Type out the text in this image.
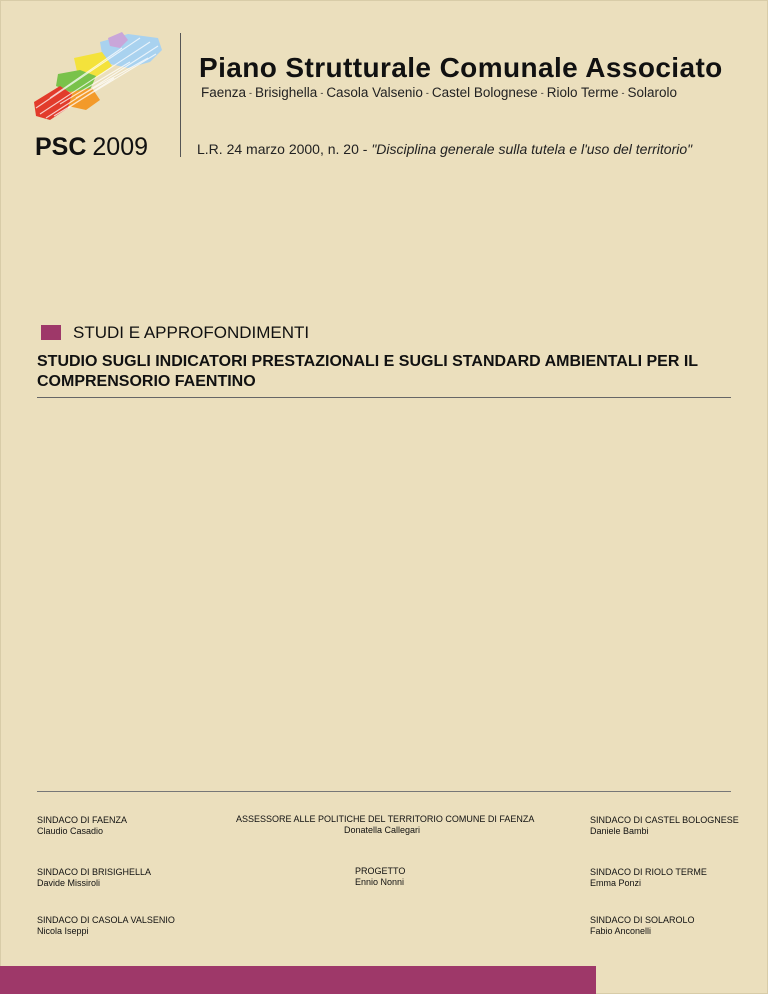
PSC 2009
Piano Strutturale Comunale Associato
Faenza - Brisighella - Casola Valsenio - Castel Bolognese - Riolo Terme - Solarolo
L.R. 24 marzo 2000, n. 20 - "Disciplina generale sulla tutela e l'uso del territorio"
STUDI E APPROFONDIMENTI
STUDIO SUGLI INDICATORI PRESTAZIONALI E SUGLI STANDARD AMBIENTALI PER IL COMPRENSORIO FAENTINO
SINDACO DI FAENZA
Claudio Casadio
ASSESSORE ALLE POLITICHE DEL TERRITORIO COMUNE DI FAENZA
Donatella Callegari
SINDACO DI CASTEL BOLOGNESE
Daniele Bambi
SINDACO DI BRISIGHELLA
Davide Missiroli
PROGETTO
Ennio Nonni
SINDACO DI RIOLO TERME
Emma Ponzi
SINDACO DI CASOLA VALSENIO
Nicola Iseppi
SINDACO DI SOLAROLO
Fabio Anconelli
